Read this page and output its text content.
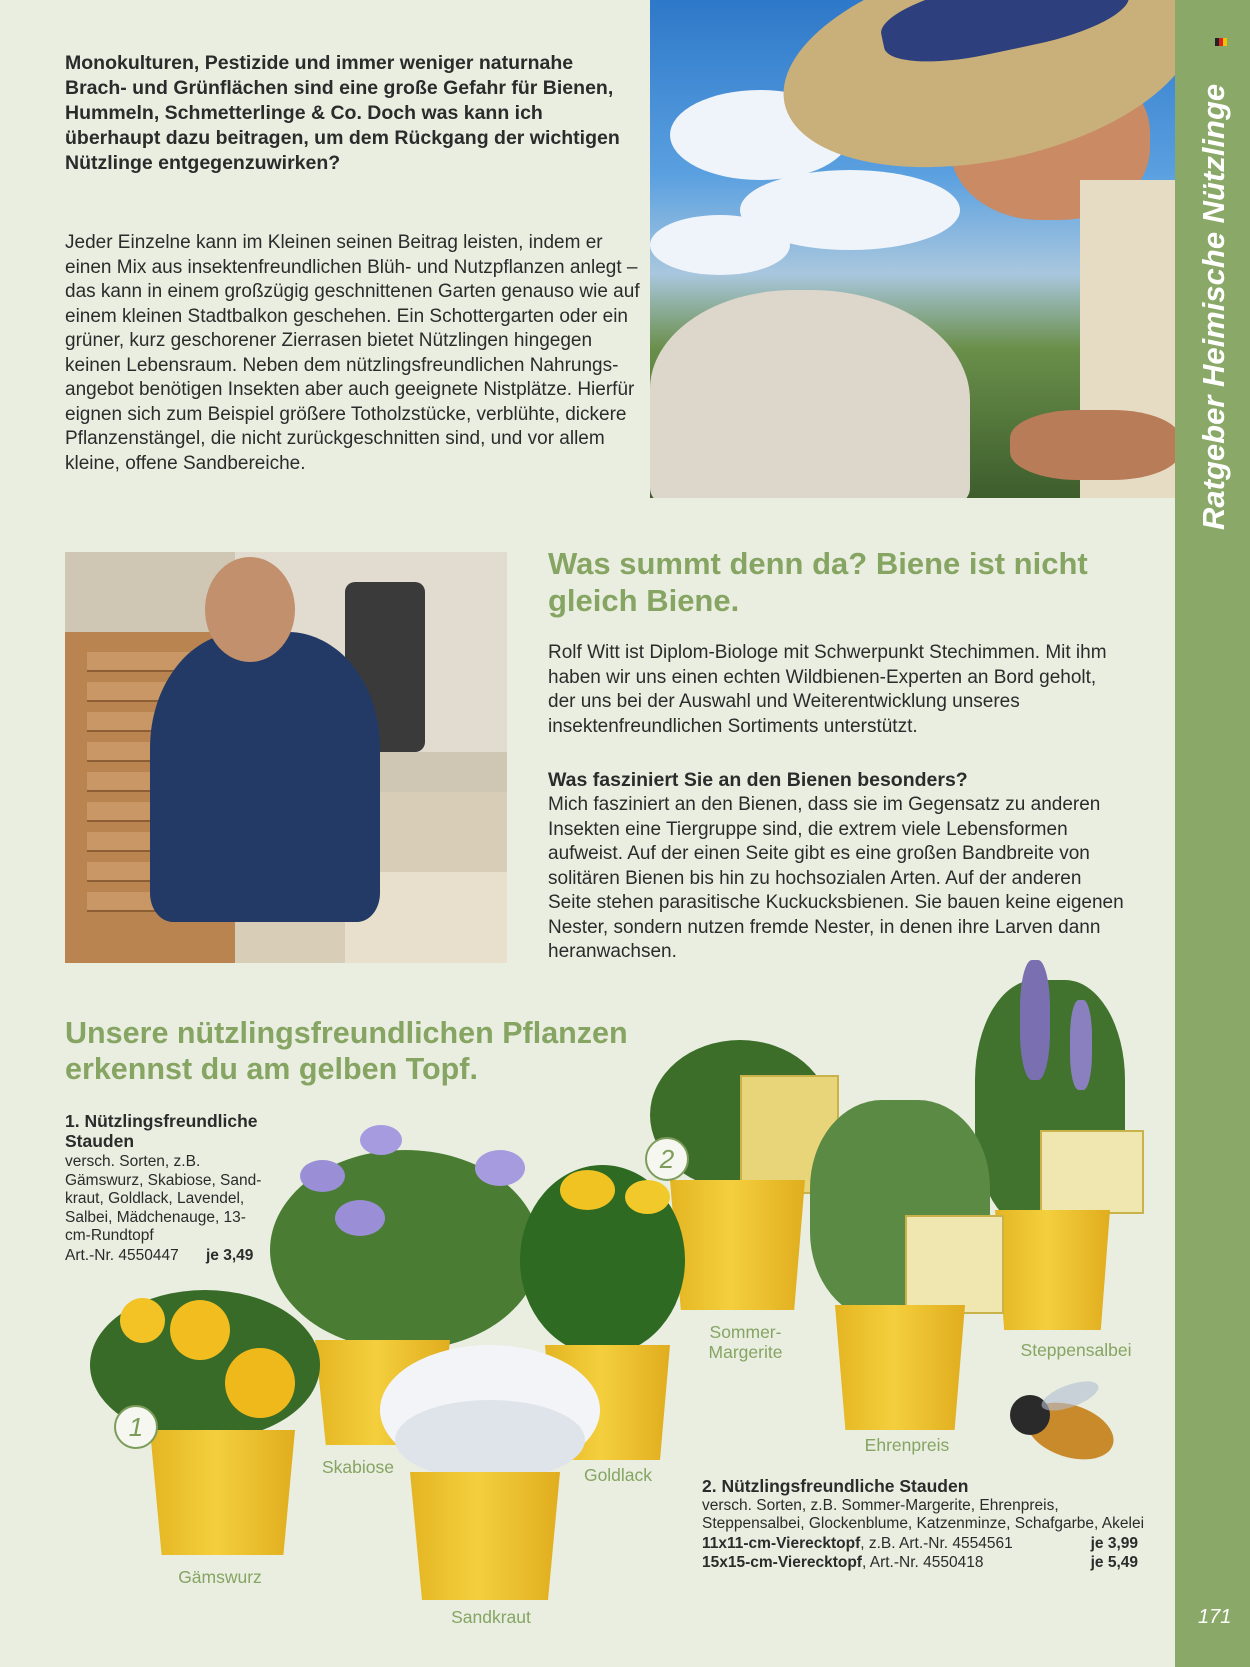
Ratgeber Heimische Nützlinge
171

Monokulturen, Pestizide und immer weniger naturnahe Brach- und Grünflächen sind eine große Gefahr für Bienen, Hummeln, Schmetterlinge & Co. Doch was kann ich überhaupt dazu beitragen, um dem Rückgang der wichtigen Nützlinge entgegenzuwirken?

Jeder Einzelne kann im Kleinen seinen Beitrag leisten, indem er einen Mix aus insektenfreundlichen Blüh- und Nutzpflanzen anlegt – das kann in einem großzügig geschnittenen Garten genauso wie auf einem kleinen Stadtbalkon geschehen. Ein Schottergarten oder ein grüner, kurz geschorener Zierrasen bietet Nützlingen hingegen keinen Lebensraum. Neben dem nützlingsfreundlichen Nahrungsangebot benötigen Insekten aber auch geeignete Nistplätze. Hierfür eignen sich zum Beispiel größere Totholzstücke, verblühte, dickere Pflanzenstängel, die nicht zurückgeschnitten sind, und vor allem kleine, offene Sandbereiche.

Was summt denn da? Biene ist nicht gleich Biene.

Rolf Witt ist Diplom-Biologe mit Schwerpunkt Stechimmen. Mit ihm haben wir uns einen echten Wildbienen-Experten an Bord geholt, der uns bei der Auswahl und Weiterentwicklung unseres insektenfreundlichen Sortiments unterstützt.

Was fasziniert Sie an den Bienen besonders?

Mich fasziniert an den Bienen, dass sie im Gegensatz zu anderen Insekten eine Tiergruppe sind, die extrem viele Lebensformen aufweist. Auf der einen Seite gibt es eine großen Bandbreite von solitären Bienen bis hin zu hochsozialen Arten. Auf der anderen Seite stehen parasitische Kuckucksbienen. Sie bauen keine eigenen Nester, sondern nutzen fremde Nester, in denen ihre Larven dann heranwachsen.

Unsere nützlingsfreundlichen Pflanzen erkennst du am gelben Topf.

1. Nützlingsfreundliche Stauden

versch. Sorten, z.B. Gämswurz, Skabiose, Sandkraut, Goldlack, Lavendel, Salbei, Mädchenauge, 13-cm-Rundtopf

Art.-Nr. 4550447 je 3,49
1
2
Gämswurz
Skabiose
Sandkraut
Goldlack
Sommer-Margerite
Ehrenpreis
Steppensalbei

2. Nützlingsfreundliche Stauden

versch. Sorten, z.B. Sommer-Margerite, Ehrenpreis, Steppensalbei, Glockenblume, Katzenminze, Schafgarbe, Akelei

11x11-cm-Vierecktopf, z.B. Art.-Nr. 4554561	je 3,99
15x15-cm-Vierecktopf, Art.-Nr. 4550418	je 5,49
